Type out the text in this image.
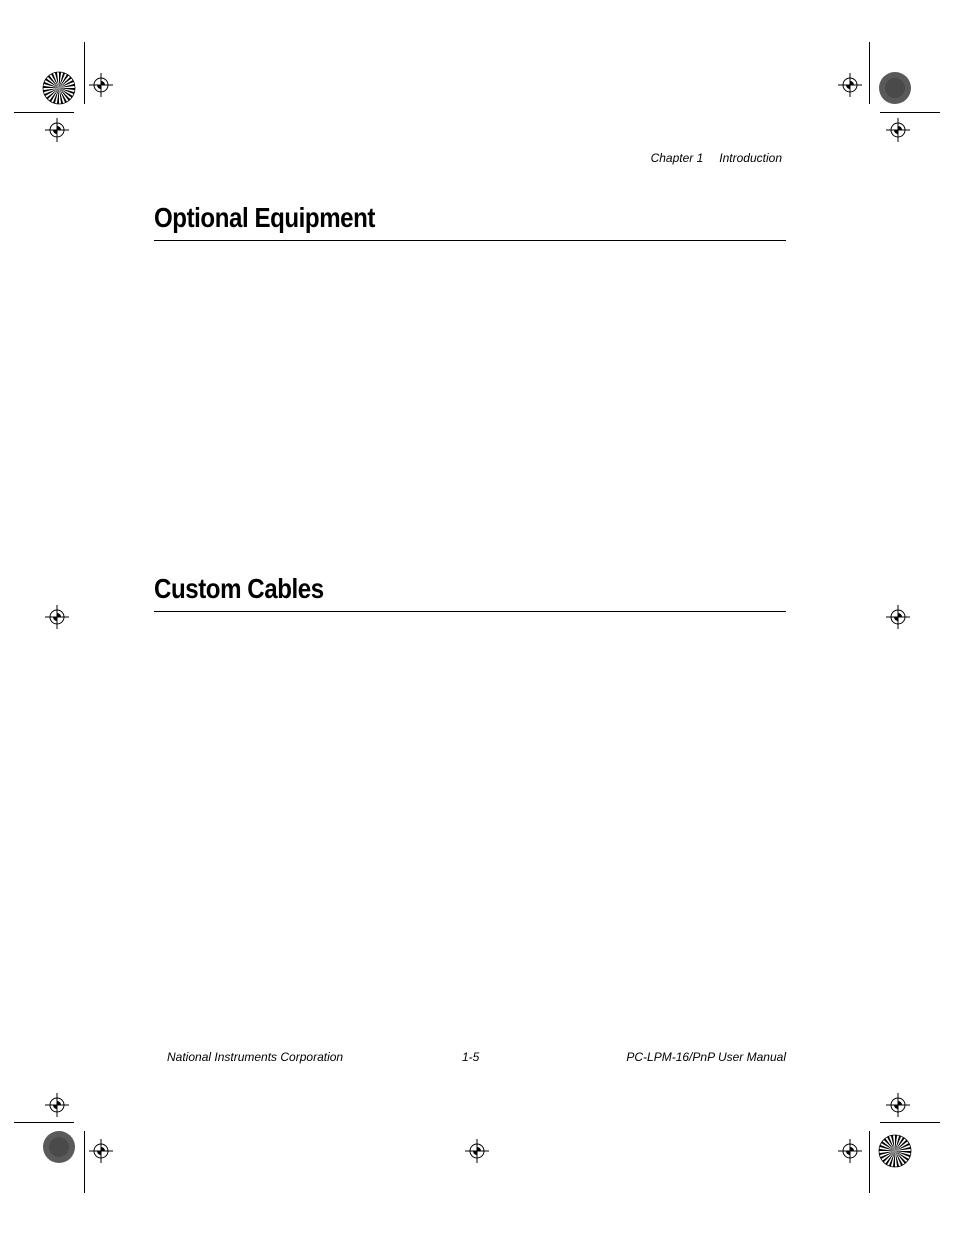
Chapter 1 Introduction
Optional Equipment
Custom Cables
National Instruments Corporation	1-5	PC-LPM-16/PnP User Manual
